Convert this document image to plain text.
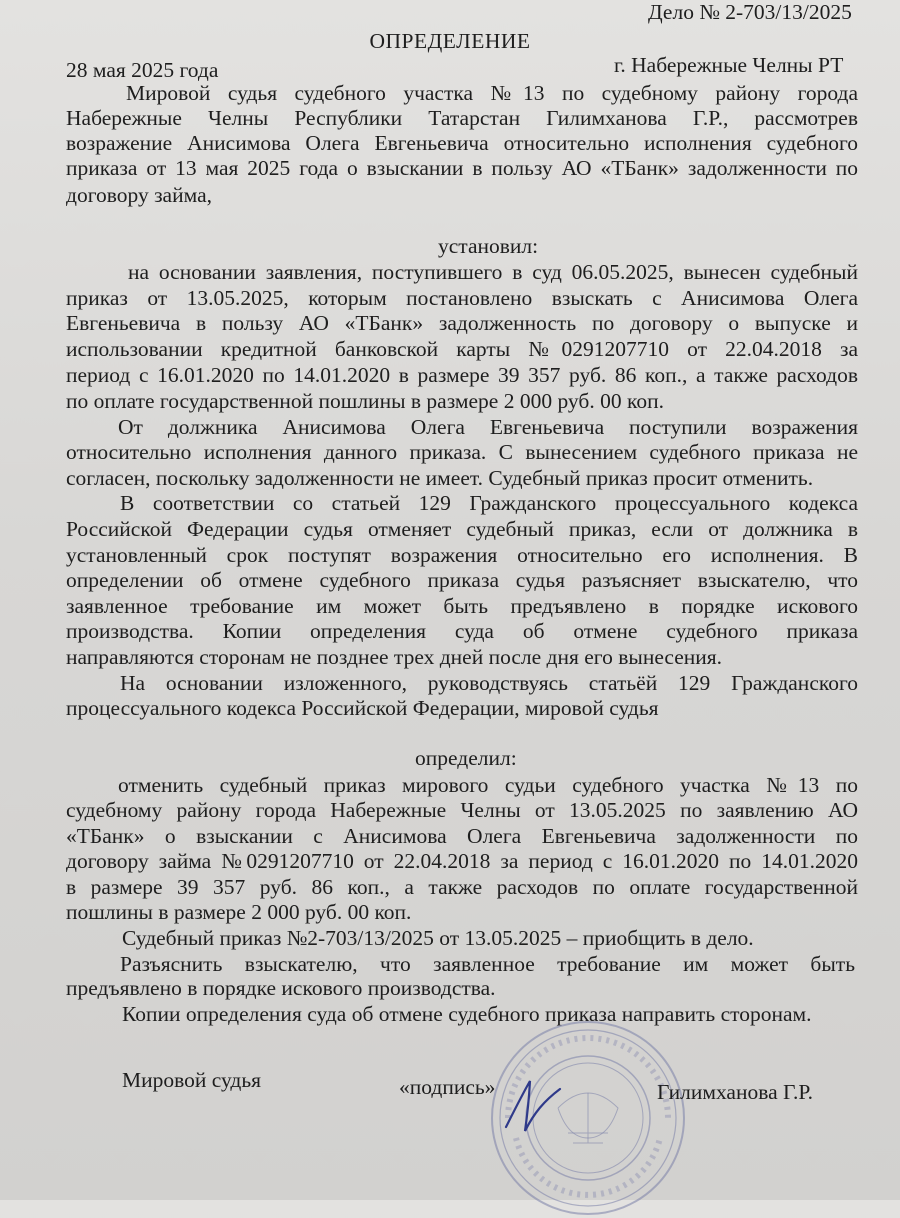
Дело № 2-703/13/2025

ОПРЕДЕЛЕНИЕ

28 мая 2025 года	г. Набережные Челны РТ

Мировой судья судебного участка №13 по судебному району города

Набережные Челны Республики Татарстан Гилимханова Г.Р., рассмотрев

возражение Анисимова Олега Евгеньевича относительно исполнения судебного

приказа от 13 мая 2025 года о взыскании в пользу АО «ТБанк» задолженности по

договору займа,

установил:

на основании заявления, поступившего в суд 06.05.2025, вынесен судебный

приказ от 13.05.2025, которым постановлено взыскать с Анисимова Олега

Евгеньевича в пользу АО «ТБанк» задолженность по договору о выпуске и

использовании кредитной банковской карты №0291207710 от 22.04.2018 за

период с 16.01.2020 по 14.01.2020 в размере 39 357 руб. 86 коп., а также расходов

по оплате государственной пошлины в размере 2 000 руб. 00 коп.

От должника Анисимова Олега Евгеньевича поступили возражения

относительно исполнения данного приказа. С вынесением судебного приказа не

согласен, поскольку задолженности не имеет. Судебный приказ просит отменить.

В соответствии со статьей 129 Гражданского процессуального кодекса

Российской Федерации судья отменяет судебный приказ, если от должника в

установленный срок поступят возражения относительно его исполнения. В

определении об отмене судебного приказа судья разъясняет взыскателю, что

заявленное требование им может быть предъявлено в порядке искового

производства. Копии определения суда об отмене судебного приказа

направляются сторонам не позднее трех дней после дня его вынесения.

На основании изложенного, руководствуясь статьёй 129 Гражданского

процессуального кодекса Российской Федерации, мировой судья

определил:

отменить судебный приказ мирового судьи судебного участка №13 по

судебному району города Набережные Челны от 13.05.2025 по заявлению АО

«ТБанк» о взыскании с Анисимова Олега Евгеньевича задолженности по

договору займа №0291207710 от 22.04.2018 за период с 16.01.2020 по 14.01.2020

в размере 39 357 руб. 86 коп., а также расходов по оплате государственной

пошлины в размере 2 000 руб. 00 коп.

Судебный приказ №2-703/13/2025 от 13.05.2025 – приобщить в дело.

Разъяснить взыскателю, что заявленное требование им может быть

предъявлено в порядке искового производства.

Копии определения суда об отмене судебного приказа направить сторонам.

Мировой судья	«подпись»	Гилимханова Г.Р.
